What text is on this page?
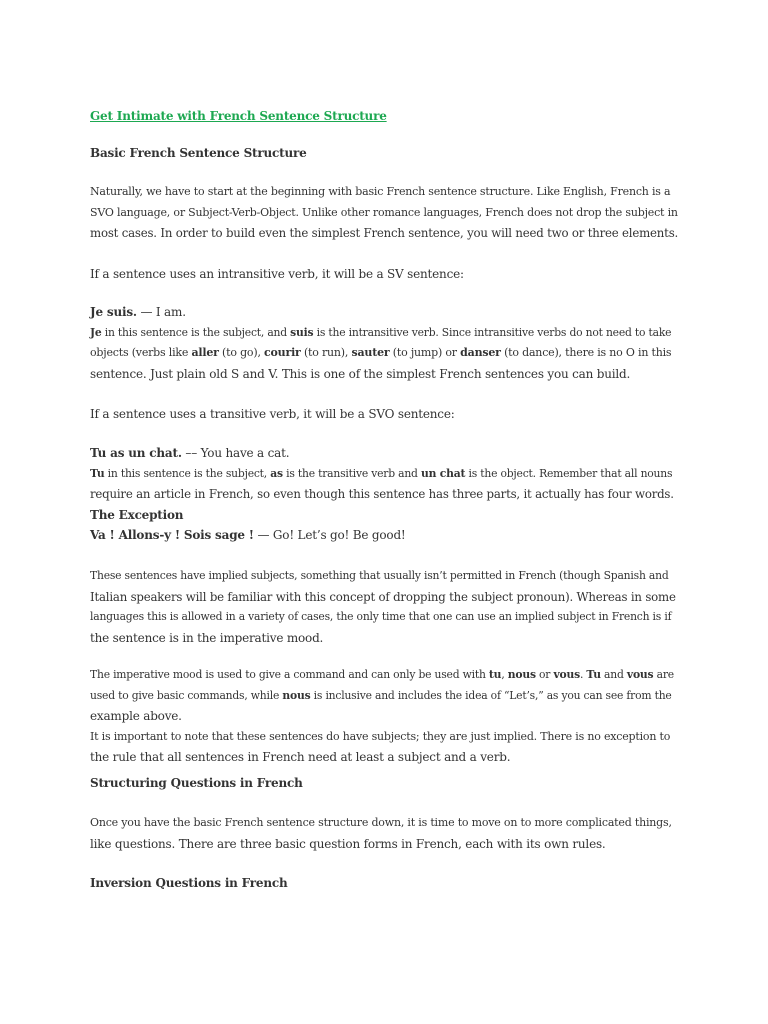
Get Intimate with French Sentence Structure
Basic French Sentence Structure

Naturally, we have to start at the beginning with basic French sentence structure. Like English, French is a
SVO language, or Subject-Verb-Object. Unlike other romance languages, French does not drop the subject in
most cases. In order to build even the simplest French sentence, you will need two or three elements.

If a sentence uses an intransitive verb, it will be a SV sentence:

Je suis. — I am.
Je in this sentence is the subject, and suis is the intransitive verb. Since intransitive verbs do not need to take
objects (verbs like aller (to go), courir (to run), sauter (to jump) or danser (to dance), there is no O in this
sentence. Just plain old S and V. This is one of the simplest French sentences you can build.

If a sentence uses a transitive verb, it will be a SVO sentence:

Tu as un chat. –– You have a cat.
Tu in this sentence is the subject, as is the transitive verb and un chat is the object. Remember that all nouns
require an article in French, so even though this sentence has three parts, it actually has four words.
The Exception
Va ! Allons-y ! Sois sage ! — Go! Let’s go! Be good!

These sentences have implied subjects, something that usually isn’t permitted in French (though Spanish and
Italian speakers will be familiar with this concept of dropping the subject pronoun). Whereas in some
languages this is allowed in a variety of cases, the only time that one can use an implied subject in French is if
the sentence is in the imperative mood.

The imperative mood is used to give a command and can only be used with tu, nous or vous. Tu and vous are
used to give basic commands, while nous is inclusive and includes the idea of “Let’s,” as you can see from the
example above.
It is important to note that these sentences do have subjects; they are just implied. There is no exception to
the rule that all sentences in French need at least a subject and a verb.

Structuring Questions in French

Once you have the basic French sentence structure down, it is time to move on to more complicated things,
like questions. There are three basic question forms in French, each with its own rules.

Inversion Questions in French
